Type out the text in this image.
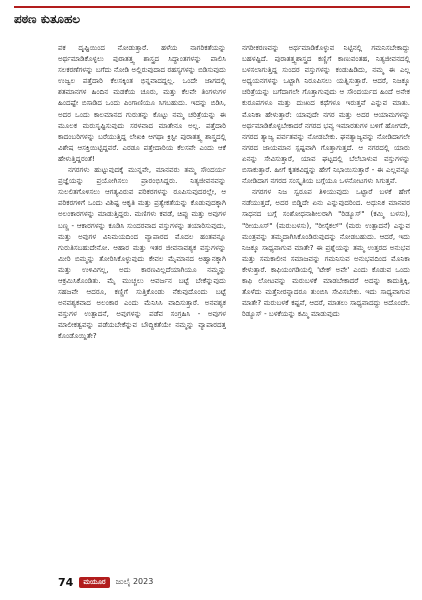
ಪಠಣ ಕುತೂಹಲ

ಪಕ ದೃಷ್ಟಿಯಿಂದ ನೋಡುತ್ತಾರೆ. ಹಳೆಯ ನಾಗರಿಕತೆಯನ್ನು ಅರ್ಥಮಾಡಿಕೊಳ್ಳಲು ಪುರಾತತ್ತ್ವ ಶಾಸ್ತ್ರದ ಸಿದ್ಧಾಂತಗಳನ್ನು ಪಾಲಿಸಿ ಸಲಕರಣೆಗಳನ್ನು ಬಗೆದು ನೋಡಿ ಅಲ್ಲಿರುವುದಾದ ರಹಸ್ಯಗಳನ್ನು ಬಿಡಿಸುವುದು ಉಜ್ವಲ ಪತ್ತೆದಾರಿ ಕೆಲಸಕ್ಕಿಂತ ಭಿನ್ನವಾದದ್ದಲ್ಲ. ಒಂದೇ ಜಾಗದಲ್ಲಿ ಶತಮಾನಗಳ ಹಿಂದಿನ ಮಡಕೆಯ ಚೂರು, ಮತ್ತು ಕೆಲವೇ ತಿಂಗಳುಗಳ ಹಿಂದಷ್ಟೇ ಬಿಸಾಡಿದ ಒಂದು ಪಿಂಗಾಣಿಯೂ ಸಿಗಬಹುದು. ಇದನ್ನು ಬಿಡಿಸಿ, ಅದರ ಒಂದು ಕಾಲಮಾನದ ಗುರುತನ್ನು ಕೊಟ್ಟು ನಮ್ಮ ಚರಿತ್ರೆಯನ್ನು ಈ ಮೂಲಕ ಮರುಸೃಷ್ಟಿಸುವುದು ಸರಳವಾದ ಮಾತೇನೂ ಅಲ್ಲ. ಪತ್ತೆದಾರಿ ಕಾದಂಬರಿಗಳನ್ನು ಬರೆಯುತ್ತಿದ್ದ ಲೇಖಕಿ ಆಗಥಾ ಕ್ರಿಸ್ಟೀ ಪುರಾತತ್ತ್ವ ಶಾಸ್ತ್ರದಲ್ಲಿ ವಿಶೇಷ ಆಸಕ್ತಿಯಿಟ್ಟಿದ್ದವರೆ. ಎರಡೂ ಪತ್ತೇದಾರಿಯ ಕೆಲಸವೇ ಎಂದು ಆಕೆ ಹೇಳುತ್ತಿದ್ದರಂತೆ!

ನಗರಗಳು ಹುಟ್ಟುವುದಕ್ಕೆ ಮುನ್ನವೇ, ಮಾನವರು ತಮ್ಮ ಸೌಂದರ್ಯ ಪ್ರಜ್ಞೆಯನ್ನು ಪ್ರಯೋಗಿಸಲು ಪ್ರಾರಂಭಿಸಿದ್ದರು. ನಿತ್ಯಜೀವನವನ್ನು ಸುಲಲಿತಗೊಳಿಸಲು ಆಗತ್ಯವಿರುವ ಪರಿಕರಗಳನ್ನು ರೂಪಿಸುವುದರಲ್ಲೇ, ಆ ಪರಿಕರಗಳಿಗೆ ಒಂದು ವಿಶಿಷ್ಟ ಆಕೃತಿ ಮತ್ತು ಪ್ರತ್ಯೇಕತೆಯನ್ನು ಕೊಡುವುದಕ್ಕಾಗಿ ಅಲಂಕಾರಗಳನ್ನು ಮಾಡುತ್ತಿದ್ದರು. ಮಣಿಗಳು ಕವಡೆ, ಚಿಪ್ಪು ಮತ್ತು ಅವುಗಳ ಬಣ್ಣ - ಆಕಾರಗಳನ್ನು ಕೂಡಿಸಿ ಸುಂದರವಾದ ವಸ್ತುಗಳನ್ನು ತಯಾರಿಸುವುದು, ಮತ್ತು ಅವುಗಳ ವಿನಿಮಯದಿಂದ ವ್ಯಾಪಾರದ ಮೊದಲ ಹಂತವನ್ನೂ ಗುರುತಿಸಬಹುದೇನೋ. ಆಹಾರ ಮತ್ತು ಇತರ ಜೀವನಾವಶ್ಯಕ ವಸ್ತುಗಳನ್ನು ಮೀರಿ ಬಿಮ್ಮನ್ನು ತೋರಿಸಿಕೊಳ್ಳುವುದು ಕೇವಲ ಮೈಮಾನದ ಅಹ್ವಾನಕ್ಕಾಗಿ ಮತ್ತು ಉಳಿವಿಗಲ್ಲ, ಅದು ಕಾರಣವಿಲ್ಲದೆಯಾಗಿಯೂ ನಮ್ಮನ್ನು ಆಕ್ರಮಿಸಿಕೊಂಡಿತು. ಮೈ ಮುಚ್ಚಲು ಆವರ್ಜನ ಬಟ್ಟೆ ಬೇಕೆನ್ನುವುದು ಸಹಜವೇ ಆದರೂ, ಕಣ್ಣಿಗೆ ಸುತ್ತಿಕೊಂಡು ನೆಕುವುದೊಂದು ಬಟ್ಟೆ ಅನವಶ್ಯಕವಾದ ಅಲಂಕಾರ ಎಂದು ಮೆನಿಸಿಸಿ ವಾದಿಸುತ್ತಾರೆ. ಅನವಶ್ಯಕ ವಸ್ತುಗಳ ಉತ್ಪಾದನೆ, ಅವುಗಳನ್ನು ಪಡೆವ ಸಂಗ್ರಹಿಸಿ - ಅವುಗಳ ಮಾಲೀಕತ್ವವನ್ನು ಪಡೆಯಬೇಕೆನ್ನುವ ಬೌದ್ಧಿಕತೆಯೇ ನಮ್ಮನ್ನು ವ್ಯಾಪಾರದತ್ತ ಕೊಂಡೊಯ್ದಿತೇ?

ನಗರೀಕರಣವನ್ನು ಅರ್ಥಮಾಡಿಕೊಳ್ಳುವ ನಿಟ್ಟಿನಲ್ಲಿ ಗಮನಿಸಬೇಕಾದ್ದು ಬಹಳಷ್ಟಿದೆ. ಪುರಾತತ್ತ್ವಶಾಸ್ತ್ರದ ಕಣ್ಣಿಗೆ ಕಾಣುವಂತಹ, ನಿತ್ಯಜೀವನದಲ್ಲಿ ಬಳಸಲಾಗುತ್ತಿದ್ದ ಸುಂದರ ವಸ್ತುಗಳನ್ನು ಕಂಡುಹಿಡಿದು, ನಮ್ಮ ಈ ಎಲ್ಲ ಅಧ್ಯಯನಗಳನ್ನು ಒಟ್ಟಾಗಿ ನಿರೂಪಿಸಲು ಯತ್ನಿಸುತ್ತಾರೆ. ಆದರೆ, ನಿಜಕ್ಕೂ ಚರಿತ್ರೆಯನ್ನು ಬಗೆದಾಗಲೇ ಗೊತ್ತಾಗುವುದು ಆ ಸೌಂದರ್ಯದ ಹಿಂದೆ ಅನೇಕ ಕುರೂಪಗಳೂ ಮತ್ತು ದುಃಖದ ಕಥೆಗಳೂ ಇರುತ್ತವೆ ಎನ್ನುವ ಮಾತು. ಮೊನಿಕಾ ಹೇಳುತ್ತಾರೆ: ಯಾವುದೇ ನಗರ ಮತ್ತು ಅದರ ಆಯಾಮಗಳನ್ನು ಅರ್ಥಮಾಡಿಕೊಳ್ಳಬೇಕಾದರೆ ನಗರದ ಭವ್ಯ ಇಮಾರತುಗಳ ಬಳಿಗೆ ಹೋಗದೇ, ನಗರದ ತ್ಯಾಜ್ಯ ಪರ್ವತವನ್ನು ನೋಡಬೇಕು. ಘನತ್ಯಾಜ್ಯವನ್ನು ನೋಡಿದಾಗಲೇ ನಗರದ ಜಾಯಮಾನ ಸ್ಪಷ್ಟವಾಗಿ ಗೊತ್ತಾಗುತ್ತದೆ. ಆ ನಗರದಲ್ಲಿ ಯಾರು ಏನನ್ನು ಸೇವಿಸುತ್ತಾರೆ, ಯಾವ ಘಟ್ಟದಲ್ಲಿ ಬೆಲೆಬಾಳುವ ವಸ್ತುಗಳನ್ನು ಬಿಸಾಕುತ್ತಾರೆ. ಹೀಗೆ ಕೃತಕವಿದ್ದನ್ನು ಹೇಗೆ ನಿಭಾಯಿಸುತ್ತಾರೆ - ಈ ಎಲ್ಲವನ್ನೂ ನೋಡಿದಾಗ ನಗರದ ಸಂಸ್ಕೃತಿಯ ಬಗ್ಗೆಯೂ ಒಳನೋಟಗಳು ಸಿಗುತ್ತವೆ.

ನಗರಗಳ ನಿಜ ಸ್ವರೂಪ ತಿಳಿಯುವುದು ಒಟ್ಟಾರೆ ಬಳಕೆ ಹೇಗೆ ನಡೆಯುತ್ತದೆ, ಅದರ ಬಿಡ್ಡಿದೇ ಏನು ಎನ್ನುವುದರಿಂದ. ಅಧುನಿಕ ಮಾನವರ ಸಾಧನದ ಬಗ್ಗೆ ಸಂಶೋಧನಾಶೀಲರಾಗಿ "ರಿಡ್ಯೂಸ್" (ಕಮ್ಮಿ ಬಳಸು), "ರೀಯೂಸ್" (ಮರುಬಳಸು), "ರೀಸೈಕಲ್" (ಮರು ಉತ್ಪಾದನೆ) ಎನ್ನುವ ಮಂತ್ರವನ್ನು ತಮ್ಮದಾಗಿಸಿಕೊಂಡಿರುವುದನ್ನು ನೋಡಬಹುದು. ಆದರೆ, ಇದು ನಿಜಕ್ಕೂ ಸಾಧ್ಯವಾಗುವ ಮಾತೇ? ಈ ಪ್ರಶ್ನೆಯನ್ನು ತಮ್ಮ ಉತ್ತರದ ಅನುಭವ ಮತ್ತು ಸಮಕಾಲೀನ ಸಮಾಜವನ್ನು ಗಮನಿಸುವ ಅನುಭವದಿಂದ ಮೊನಿಕಾ ಕೇಳುತ್ತಾರೆ. ಕಾಫಿಯಂಗಡಿಯಲ್ಲಿ 'ಟೇಕ್ ಅವೇ' ಎಂದು ಕೊಡುವ ಒಂದು ಕಾಫಿ ಲೋಟವನ್ನು ಮರುಬಳಕೆ ಮಾಡಬೇಕಾದರೆ ಅದನ್ನು ಕಾದುತ್ತಿಕ್ಕಿ, ತೊಳೆದು ಮತ್ತೆನೀರನ್ನಾದರೂ ತುಂಬಿಸಿ ಸೇವಿಸಬೇಕು. ಇದು ಸಾಧ್ಯವಾಗುವ ಮಾತೇ? ಮರುಬಳಕೆ ಕಷ್ಟವೆ, ಆದರೆ, ಮಾತಲು ಸಾಧ್ಯವಾದದ್ದು ಅದೊಂದೇ. ರಿಡ್ಯೂಸ್ - ಬಳಕೆಯನ್ನು ಕಮ್ಮಿ ಮಾಡುವುದು

74	ಮಯೂರ	ಜುಲೈ 2023
